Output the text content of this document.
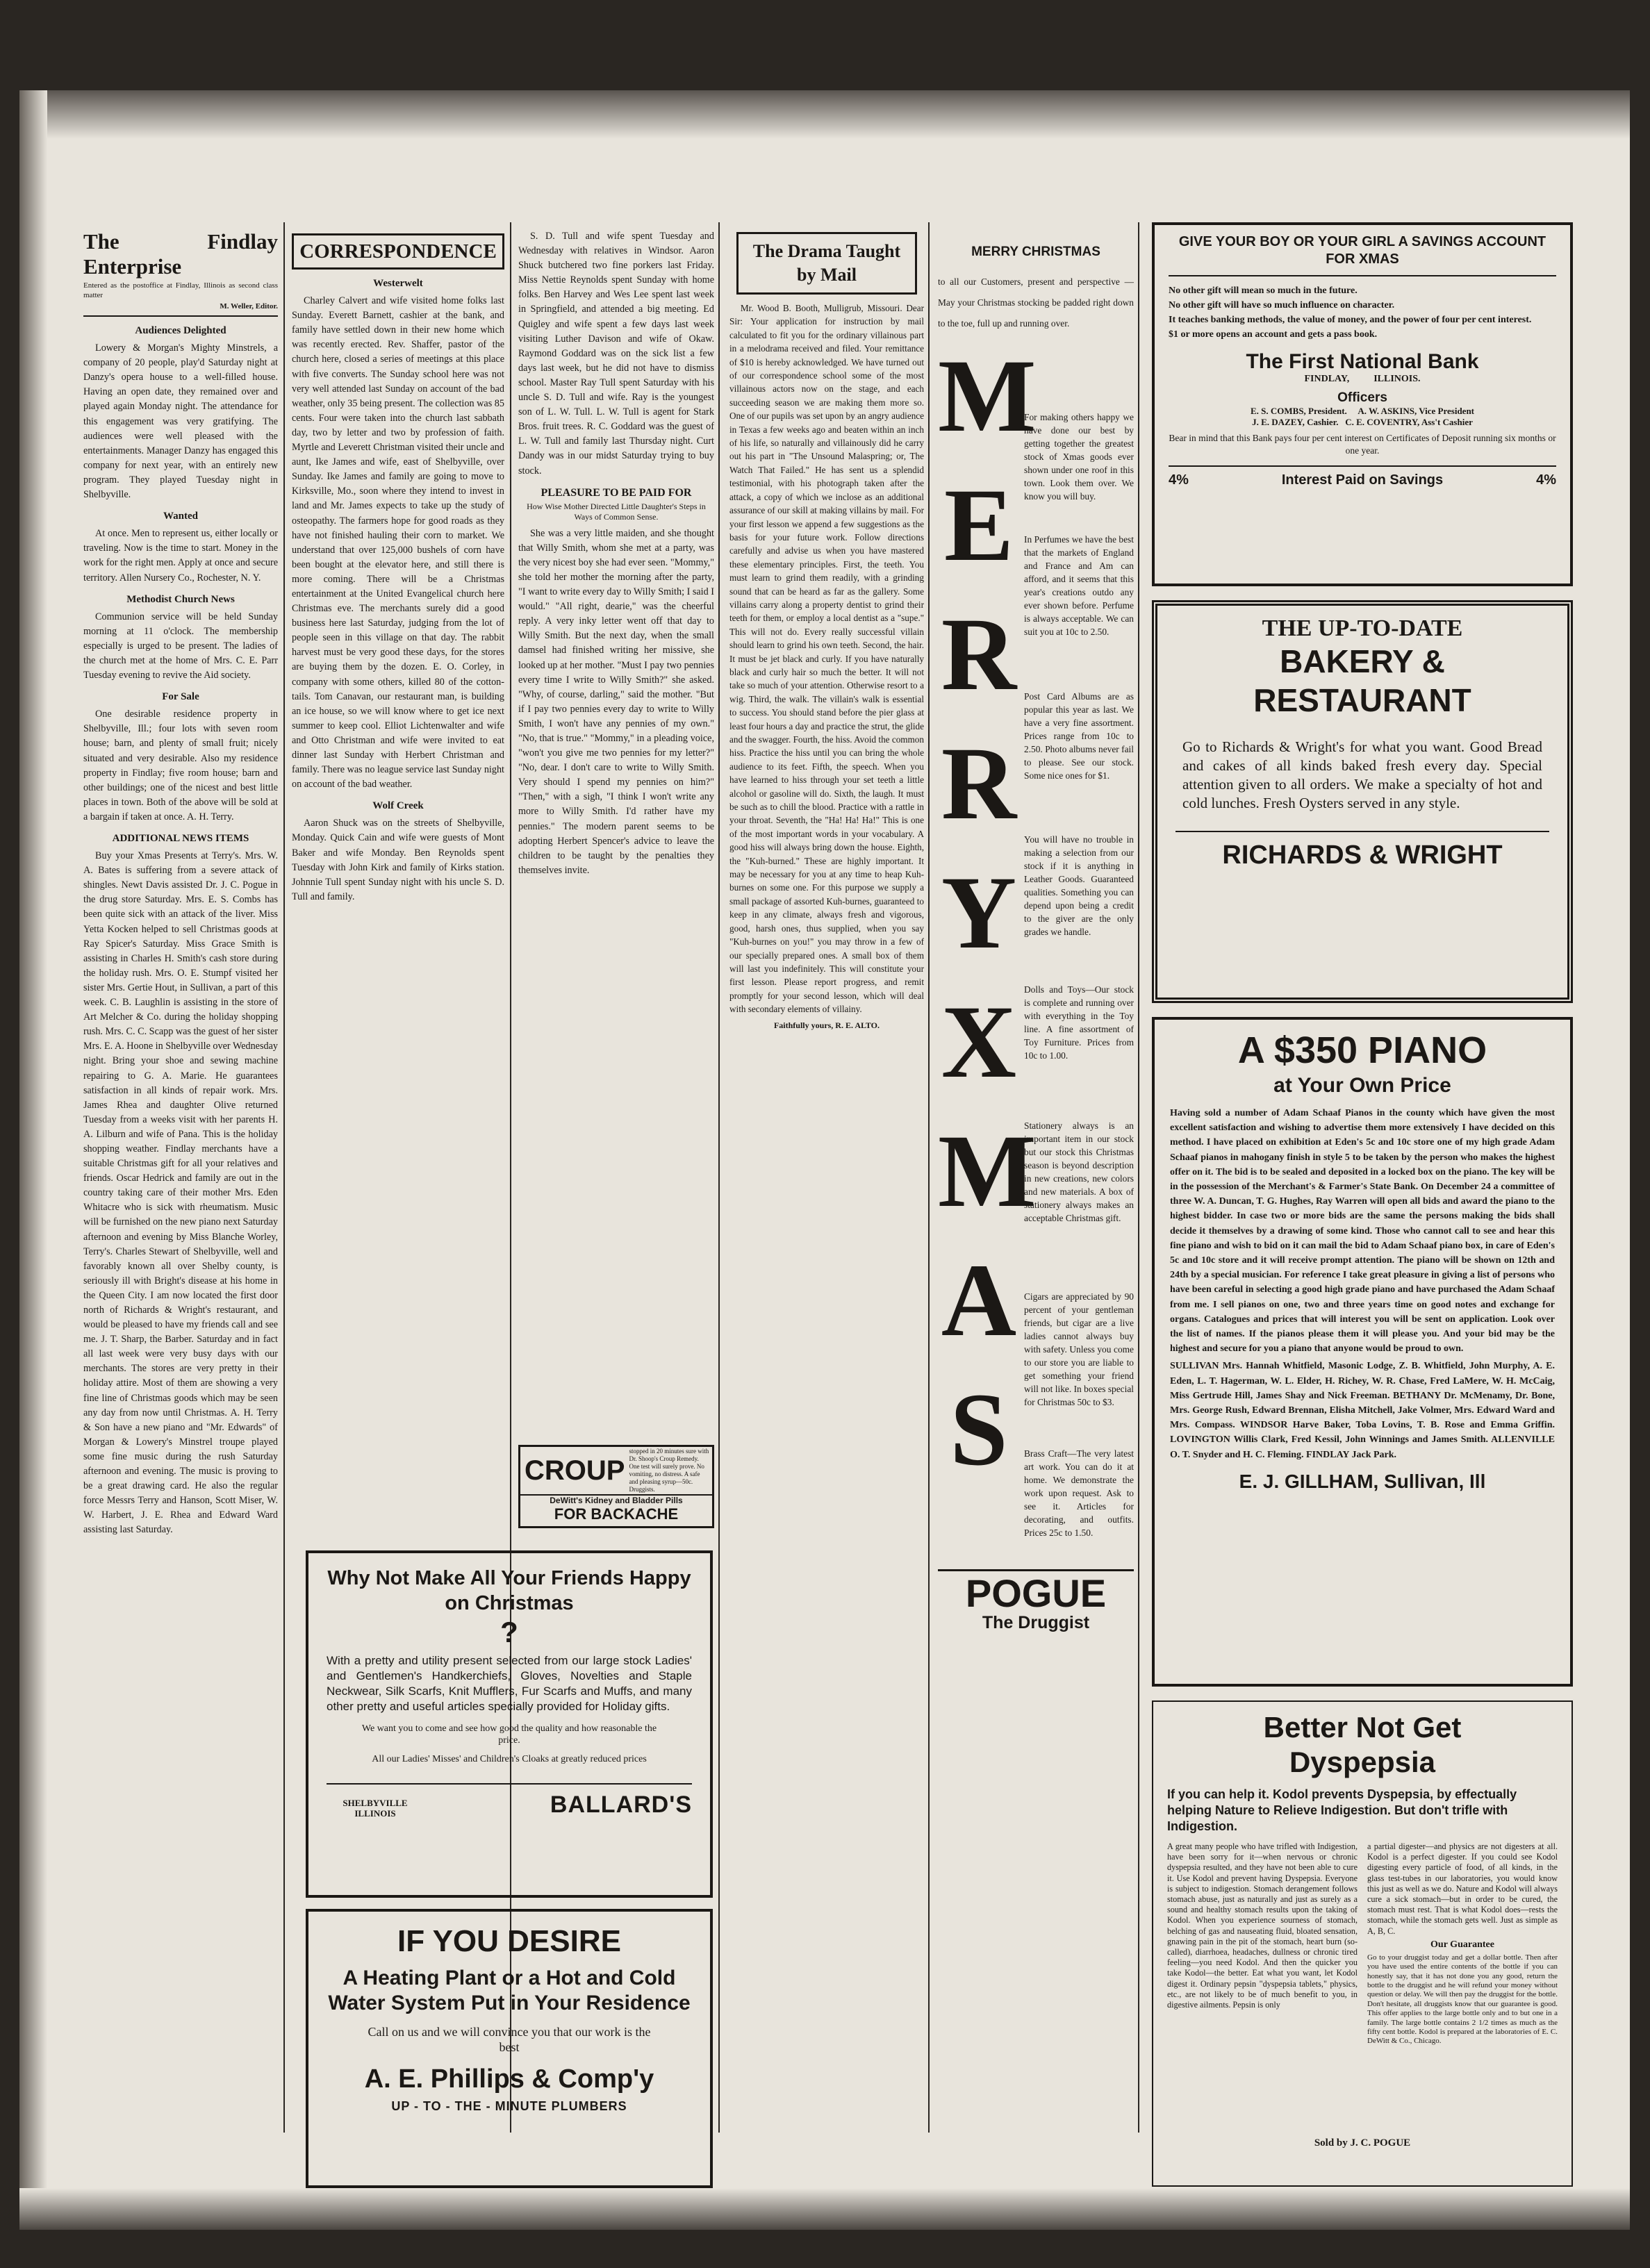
The Findlay Enterprise
Entered as the postoffice at Findlay, Illinois as second class matter
M. Weller, Editor.
Audiences Delighted

Lowery & Morgan's Mighty Minstrels, a company of 20 people, play'd Saturday night at Danzy's opera house to a well-filled house. Having an open date, they remained over and played again Monday night. The attendance for this engagement was very gratifying. The audiences were well pleased with the entertainments. Manager Danzy has engaged this company for next year, with an entirely new program. They played Tuesday night in Shelbyville.

Wanted

At once. Men to represent us, either locally or traveling. Now is the time to start. Money in the work for the right men. Apply at once and secure territory. Allen Nursery Co., Rochester, N. Y.

Methodist Church News

Communion service will be held Sunday morning at 11 o'clock. The membership especially is urged to be present. The ladies of the church met at the home of Mrs. C. E. Parr Tuesday evening to revive the Aid society.

For Sale

One desirable residence property in Shelbyville, Ill.; four lots with seven room house; barn, and plenty of small fruit; nicely situated and very desirable. Also my residence property in Findlay; five room house; barn and other buildings; one of the nicest and best little places in town. Both of the above will be sold at a bargain if taken at once. A. H. Terry.

ADDITIONAL NEWS ITEMS

Buy your Xmas Presents at Terry's. Mrs. W. A. Bates is suffering from a severe attack of shingles. Newt Davis assisted Dr. J. C. Pogue in the drug store Saturday. Mrs. E. S. Combs has been quite sick with an attack of the liver. Miss Yetta Kocken helped to sell Christmas goods at Ray Spicer's Saturday. Miss Grace Smith is assisting in Charles H. Smith's cash store during the holiday rush. Mrs. O. E. Stumpf visited her sister Mrs. Gertie Hout, in Sullivan, a part of this week. C. B. Laughlin is assisting in the store of Art Melcher & Co. during the holiday shopping rush. Mrs. C. C. Scapp was the guest of her sister Mrs. E. A. Hoone in Shelbyville over Wednesday night. Bring your shoe and sewing machine repairing to G. A. Marie. He guarantees satisfaction in all kinds of repair work. Mrs. James Rhea and daughter Olive returned Tuesday from a weeks visit with her parents H. A. Lilburn and wife of Pana. This is the holiday shopping weather. Findlay merchants have a suitable Christmas gift for all your relatives and friends. Oscar Hedrick and family are out in the country taking care of their mother Mrs. Eden Whitacre who is sick with rheumatism. Music will be furnished on the new piano next Saturday afternoon and evening by Miss Blanche Worley, Terry's. Charles Stewart of Shelbyville, well and favorably known all over Shelby county, is seriously ill with Bright's disease at his home in the Queen City. I am now located the first door north of Richards & Wright's restaurant, and would be pleased to have my friends call and see me. J. T. Sharp, the Barber. Saturday and in fact all last week were very busy days with our merchants. The stores are very pretty in their holiday attire. Most of them are showing a very fine line of Christmas goods which may be seen any day from now until Christmas. A. H. Terry & Son have a new piano and "Mr. Edwards" of Morgan & Lowery's Minstrel troupe played some fine music during the rush Saturday afternoon and evening. The music is proving to be a great drawing card. He also the regular force Messrs Terry and Hanson, Scott Miser, W. W. Harbert, J. E. Rhea and Edward Ward assisting last Saturday.

CORRESPONDENCE
Westerwelt

Charley Calvert and wife visited home folks last Sunday. Everett Barnett, cashier at the bank, and family have settled down in their new home which was recently erected. Rev. Shaffer, pastor of the church here, closed a series of meetings at this place with five converts. The Sunday school here was not very well attended last Sunday on account of the bad weather, only 35 being present. The collection was 85 cents. Four were taken into the church last sabbath day, two by letter and two by profession of faith. Myrtle and Leverett Christman visited their uncle and aunt, Ike James and wife, east of Shelbyville, over Sunday. Ike James and family are going to move to Kirksville, Mo., soon where they intend to invest in land and Mr. James expects to take up the study of osteopathy. The farmers hope for good roads as they have not finished hauling their corn to market. We understand that over 125,000 bushels of corn have been bought at the elevator here, and still there is more coming. There will be a Christmas entertainment at the United Evangelical church here Christmas eve. The merchants surely did a good business here last Saturday, judging from the lot of people seen in this village on that day. The rabbit harvest must be very good these days, for the stores are buying them by the dozen. E. O. Corley, in company with some others, killed 80 of the cotton-tails. Tom Canavan, our restaurant man, is building an ice house, so we will know where to get ice next summer to keep cool. Elliot Lichtenwalter and wife and Otto Christman and wife were invited to eat dinner last Sunday with Herbert Christman and family. There was no league service last Sunday night on account of the bad weather.

Wolf Creek

Aaron Shuck was on the streets of Shelbyville, Monday. Quick Cain and wife were guests of Mont Baker and wife Monday. Ben Reynolds spent Tuesday with John Kirk and family of Kirks station. Johnnie Tull spent Sunday night with his uncle S. D. Tull and family.

S. D. Tull and wife spent Tuesday and Wednesday with relatives in Windsor. Aaron Shuck butchered two fine porkers last Friday. Miss Nettie Reynolds spent Sunday with home folks. Ben Harvey and Wes Lee spent last week in Springfield, and attended a big meeting. Ed Quigley and wife spent a few days last week visiting Luther Davison and wife of Okaw. Raymond Goddard was on the sick list a few days last week, but he did not have to dismiss school. Master Ray Tull spent Saturday with his uncle S. D. Tull and wife. Ray is the youngest son of L. W. Tull. L. W. Tull is agent for Stark Bros. fruit trees. R. C. Goddard was the guest of L. W. Tull and family last Thursday night. Curt Dandy was in our midst Saturday trying to buy stock.

PLEASURE TO BE PAID FOR
How Wise Mother Directed Little Daughter's Steps in Ways of Common Sense.

She was a very little maiden, and she thought that Willy Smith, whom she met at a party, was the very nicest boy she had ever seen. "Mommy," she told her mother the morning after the party, "I want to write every day to Willy Smith; I said I would." "All right, dearie," was the cheerful reply. A very inky letter went off that day to Willy Smith. But the next day, when the small damsel had finished writing her missive, she looked up at her mother. "Must I pay two pennies every time I write to Willy Smith?" she asked. "Why, of course, darling," said the mother. "But if I pay two pennies every day to write to Willy Smith, I won't have any pennies of my own." "No, that is true." "Mommy," in a pleading voice, "won't you give me two pennies for my letter?" "No, dear. I don't care to write to Willy Smith. Very should I spend my pennies on him?" "Then," with a sigh, "I think I won't write any more to Willy Smith. I'd rather have my pennies." The modern parent seems to be adopting Herbert Spencer's advice to leave the children to be taught by the penalties they themselves invite.

CROUP
stopped in 20 minutes sure with Dr. Shoop's Croup Remedy. One test will surely prove. No vomiting, no distress. A safe and pleasing syrup—50c. Druggists.
DeWitt's Kidney and Bladder Pills
FOR BACKACHE
Why Not Make All Your Friends Happy on Christmas
?
With a pretty and utility present selected from our large stock Ladies' and Gentlemen's Handkerchiefs, Gloves, Novelties and Staple Neckwear, Silk Scarfs, Knit Mufflers, Fur Scarfs and Muffs, and many other pretty and useful articles specially provided for Holiday gifts.
We want you to come and see how good the quality and how reasonable the price.
All our Ladies' Misses' and Children's Cloaks at greatly reduced prices
SHELBYVILLE ILLINOIS	BALLARD'S
IF YOU DESIRE
A Heating Plant or a Hot and Cold Water System Put in Your Residence
Call on us and we will convince you that our work is the best
A. E. Phillips & Comp'y
UP - TO - THE - MINUTE PLUMBERS
The Drama Taught by Mail

Mr. Wood B. Booth, Mulligrub, Missouri. Dear Sir: Your application for instruction by mail calculated to fit you for the ordinary villainous part in a melodrama received and filed. Your remittance of $10 is hereby acknowledged. We have turned out of our correspondence school some of the most villainous actors now on the stage, and each succeeding season we are making them more so. One of our pupils was set upon by an angry audience in Texas a few weeks ago and beaten within an inch of his life, so naturally and villainously did he carry out his part in "The Unsound Malaspring; or, The Watch That Failed." He has sent us a splendid testimonial, with his photograph taken after the attack, a copy of which we inclose as an additional assurance of our skill at making villains by mail. For your first lesson we append a few suggestions as the basis for your future work. Follow directions carefully and advise us when you have mastered these elementary principles. First, the teeth. You must learn to grind them readily, with a grinding sound that can be heard as far as the gallery. Some villains carry along a property dentist to grind their teeth for them, or employ a local dentist as a "supe." This will not do. Every really successful villain should learn to grind his own teeth. Second, the hair. It must be jet black and curly. If you have naturally black and curly hair so much the better. It will not take so much of your attention. Otherwise resort to a wig. Third, the walk. The villain's walk is essential to success. You should stand before the pier glass at least four hours a day and practice the strut, the glide and the swagger. Fourth, the hiss. Avoid the common hiss. Practice the hiss until you can bring the whole audience to its feet. Fifth, the speech. When you have learned to hiss through your set teeth a little alcohol or gasoline will do. Sixth, the laugh. It must be such as to chill the blood. Practice with a rattle in your throat. Seventh, the "Ha! Ha! Ha!" This is one of the most important words in your vocabulary. A good hiss will always bring down the house. Eighth, the "Kuh-burned." These are highly important. It may be necessary for you at any time to heap Kuh-burnes on some one. For this purpose we supply a small package of assorted Kuh-burnes, guaranteed to keep in any climate, always fresh and vigorous, good, harsh ones, thus supplied, when you say "Kuh-burnes on you!" you may throw in a few of our specially prepared ones. A small box of them will last you indefinitely. This will constitute your first lesson. Please report progress, and remit promptly for your second lesson, which will deal with secondary elements of villainy.

Faithfully yours, R. E. ALTO.
MERRY CHRISTMAS
to all our Customers, present and perspective — May your Christmas stocking be padded right down to the toe, full up and running over.
M
E
R
R
Y
X
M
A
S
For making others happy we have done our best by getting together the greatest stock of Xmas goods ever shown under one roof in this town. Look them over. We know you will buy.
In Perfumes we have the best that the markets of England and France and Am can afford, and it seems that this year's creations outdo any ever shown before. Perfume is always acceptable. We can suit you at 10c to 2.50.
Post Card Albums are as popular this year as last. We have a very fine assortment. Prices range from 10c to 2.50. Photo albums never fail to please. See our stock. Some nice ones for $1.
You will have no trouble in making a selection from our stock if it is anything in Leather Goods. Guaranteed qualities. Something you can depend upon being a credit to the giver are the only grades we handle.
Dolls and Toys—Our stock is complete and running over with everything in the Toy line. A fine assortment of Toy Furniture. Prices from 10c to 1.00.
Stationery always is an important item in our stock but our stock this Christmas season is beyond description in new creations, new colors and new materials. A box of stationery always makes an acceptable Christmas gift.
Cigars are appreciated by 90 percent of your gentleman friends, but cigar are a live ladies cannot always buy with safety. Unless you come to our store you are liable to get something your friend will not like. In boxes special for Christmas 50c to $3.
Brass Craft—The very latest art work. You can do it at home. We demonstrate the work upon request. Ask to see it. Articles for decorating, and outfits. Prices 25c to 1.50.
POGUE
The Druggist
GIVE YOUR BOY OR YOUR GIRL A SAVINGS ACCOUNT FOR XMAS
No other gift will mean so much in the future.
No other gift will have so much influence on character.
It teaches banking methods, the value of money, and the power of four per cent interest.
$1 or more opens an account and gets a pass book.
The First National Bank
FINDLAY,          ILLINOIS.
Officers
E. S. COMBS, President.     A. W. ASKINS, Vice President
J. E. DAZEY, Cashier.   C. E. COVENTRY, Ass't Cashier
Bear in mind that this Bank pays four per cent interest on Certificates of Deposit running six months or one year.
4%	Interest Paid on Savings	4%
THE UP-TO-DATE
BAKERY & RESTAURANT
Go to Richards & Wright's for what you want. Good Bread and cakes of all kinds baked fresh every day. Special attention given to all orders. We make a specialty of hot and cold lunches. Fresh Oysters served in any style.
RICHARDS & WRIGHT
A $350 PIANO
at Your Own Price
Having sold a number of Adam Schaaf Pianos in the county which have given the most excellent satisfaction and wishing to advertise them more extensively I have decided on this method. I have placed on exhibition at Eden's 5c and 10c store one of my high grade Adam Schaaf pianos in mahogany finish in style 5 to be taken by the person who makes the highest offer on it. The bid is to be sealed and deposited in a locked box on the piano. The key will be in the possession of the Merchant's & Farmer's State Bank. On December 24 a committee of three W. A. Duncan, T. G. Hughes, Ray Warren will open all bids and award the piano to the highest bidder. In case two or more bids are the same the persons making the bids shall decide it themselves by a drawing of some kind. Those who cannot call to see and hear this fine piano and wish to bid on it can mail the bid to Adam Schaaf piano box, in care of Eden's 5c and 10c store and it will receive prompt attention. The piano will be shown on 12th and 24th by a special musician. For reference I take great pleasure in giving a list of persons who have been careful in selecting a good high grade piano and have purchased the Adam Schaaf from me. I sell pianos on one, two and three years time on good notes and exchange for organs. Catalogues and prices that will interest you will be sent on application. Look over the list of names. If the pianos please them it will please you. And your bid may be the highest and secure for you a piano that anyone would be proud to own.
SULLIVAN Mrs. Hannah Whitfield, Masonic Lodge, Z. B. Whitfield, John Murphy, A. E. Eden, L. T. Hagerman, W. L. Elder, H. Richey, W. R. Chase, Fred LaMere, W. H. McCaig, Miss Gertrude Hill, James Shay and Nick Freeman. BETHANY Dr. McMenamy, Dr. Bone, Mrs. George Rush, Edward Brennan, Elisha Mitchell, Jake Volmer, Mrs. Edward Ward and Mrs. Compass. WINDSOR Harve Baker, Toba Lovins, T. B. Rose and Emma Griffin. LOVINGTON Willis Clark, Fred Kessil, John Winnings and James Smith. ALLENVILLE O. T. Snyder and H. C. Fleming. FINDLAY Jack Park.
E. J. GILLHAM, Sullivan, Ill
Better Not Get
Dyspepsia
If you can help it. Kodol prevents Dyspepsia, by effectually helping Nature to Relieve Indigestion. But don't trifle with Indigestion.
A great many people who have trifled with Indigestion, have been sorry for it—when nervous or chronic dyspepsia resulted, and they have not been able to cure it. Use Kodol and prevent having Dyspepsia. Everyone is subject to indigestion. Stomach derangement follows stomach abuse, just as naturally and just as surely as a sound and healthy stomach results upon the taking of Kodol. When you experience sourness of stomach, belching of gas and nauseating fluid, bloated sensation, gnawing pain in the pit of the stomach, heart burn (so-called), diarrhoea, headaches, dullness or chronic tired feeling—you need Kodol. And then the quicker you take Kodol—the better. Eat what you want, let Kodol digest it. Ordinary pepsin "dyspepsia tablets," physics, etc., are not likely to be of much benefit to you, in digestive ailments. Pepsin is only
a partial digester—and physics are not digesters at all. Kodol is a perfect digester. If you could see Kodol digesting every particle of food, of all kinds, in the glass test-tubes in our laboratories, you would know this just as well as we do. Nature and Kodol will always cure a sick stomach—but in order to be cured, the stomach must rest. That is what Kodol does—rests the stomach, while the stomach gets well. Just as simple as A, B, C.
Our Guarantee
Go to your druggist today and get a dollar bottle. Then after you have used the entire contents of the bottle if you can honestly say, that it has not done you any good, return the bottle to the druggist and he will refund your money without question or delay. We will then pay the druggist for the bottle. Don't hesitate, all druggists know that our guarantee is good. This offer applies to the large bottle only and to but one in a family. The large bottle contains 2 1/2 times as much as the fifty cent bottle. Kodol is prepared at the laboratories of E. C. DeWitt & Co., Chicago.
Sold by J. C. POGUE
